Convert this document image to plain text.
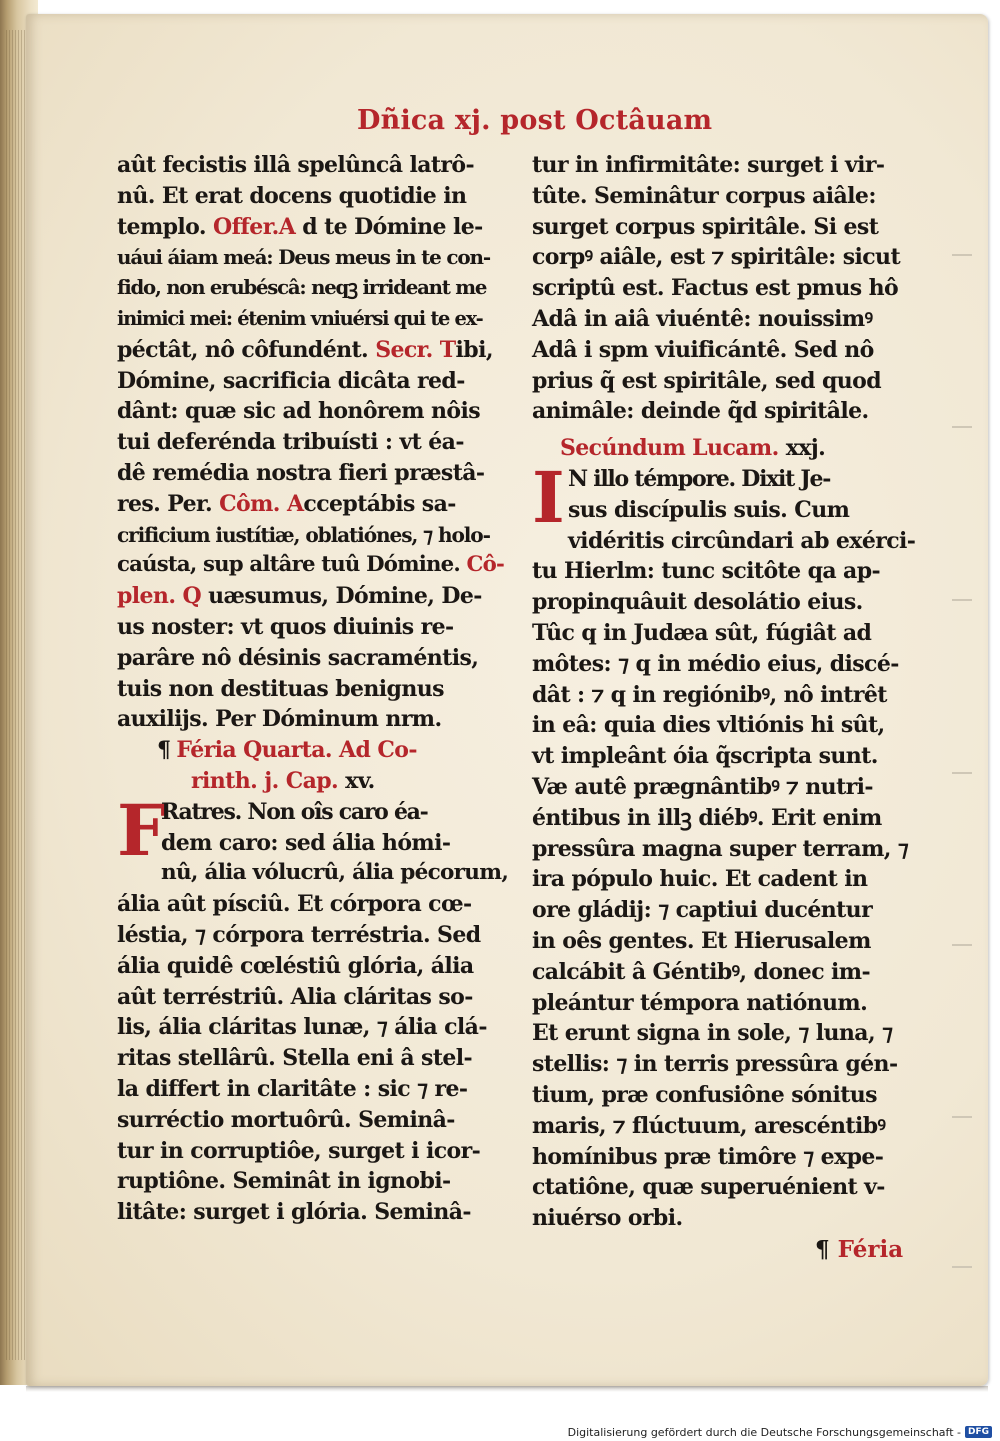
Dñica xj. post Octâuam
aût fecistis illâ spelûncâ latrô-
nû. Et erat docens quotidie in
templo. Offer.A d te Dómine le-
uáui áiam meá: Deus meus in te con-
fido, non erubéscâ: neqꝫ irrideant me
inimici mei: étenim vniuérsi qui te ex-
péctât, nô côfundént. Secr. Tibi,
Dómine, sacrificia dicâta red-
dânt: quæ sic ad honôrem nôis
tui deferénda tribuísti : vt éa-
dê remédia nostra fieri præstâ-
res. Per. Côm. Acceptábis sa-
crificium iustítiæ, oblatiónes, ⁊ holo-
caústa, sup altâre tuû Dómine. Cô-
plen. Q uæsumus, Dómine, De-
us noster: vt quos diuinis re-
parâre nô désinis sacraméntis,
tuis non destituas benignus
auxilijs. Per Dóminum nrm.
¶ Féria Quarta. Ad Co-
rinth. j. Cap. xv.
F
Ratres. Non oîs caro éa-
dem caro: sed ália hómi-
nû, ália vólucrû, ália pécorum,
ália aût písciû. Et córpora cœ-
léstia, ⁊ córpora terréstria. Sed
ália quidê cœléstiû glória, ália
aût terréstriû. Alia cláritas so-
lis, ália cláritas lunæ, ⁊ ália clá-
ritas stellârû. Stella eni â stel-
la differt in claritâte : sic ⁊ re-
surréctio mortuôrû. Seminâ-
tur in corruptiôe, surget i icor-
ruptiône. Seminât in ignobi-
litâte: surget i glória. Seminâ-
tur in infirmitâte: surget i vir-
tûte. Seminâtur corpus aiâle:
surget corpus spiritâle. Si est
corpꝰ aiâle, est ⁊ spiritâle: sicut
scriptû est. Factus est pmus hô
Adâ in aiâ viuéntê: nouissimꝰ
Adâ i spm viuificántê. Sed nô
prius q̃ est spiritâle, sed quod
animâle: deinde q̃d spiritâle.
Secúndum Lucam. xxj.
I N illo témpore. Dixit Je-
sus discípulis suis. Cum
vidéritis circûndari ab exérci-
tu Hierlm: tunc scitôte qa ap-
propinquâuit desolátio eius.
Tûc q in Judæa sût, fúgiât ad
môtes: ⁊ q in médio eius, discé-
dât : ⁊ q in regiónibꝰ, nô intrêt
in eâ: quia dies vltiónis hi sût,
vt impleânt óia q̃scripta sunt.
Væ autê prægnântibꝰ ⁊ nutri-
éntibus in illꝫ diébꝰ. Erit enim
pressûra magna super terram, ⁊
ira pópulo huic. Et cadent in
ore gládij: ⁊ captiui ducéntur
in oês gentes. Et Hierusalem
calcábit â Géntibꝰ, donec im-
pleántur témpora natiónum.
Et erunt signa in sole, ⁊ luna, ⁊
stellis: ⁊ in terris pressûra gén-
tium, præ confusiône sónitus
maris, ⁊ flúctuum, arescéntibꝰ
homínibus præ timôre ⁊ expe-
ctatiône, quæ superuénient v-
niuérso orbi.
¶ Féria
Digitalisierung gefördert durch die Deutsche Forschungsgemeinschaft - DFG
